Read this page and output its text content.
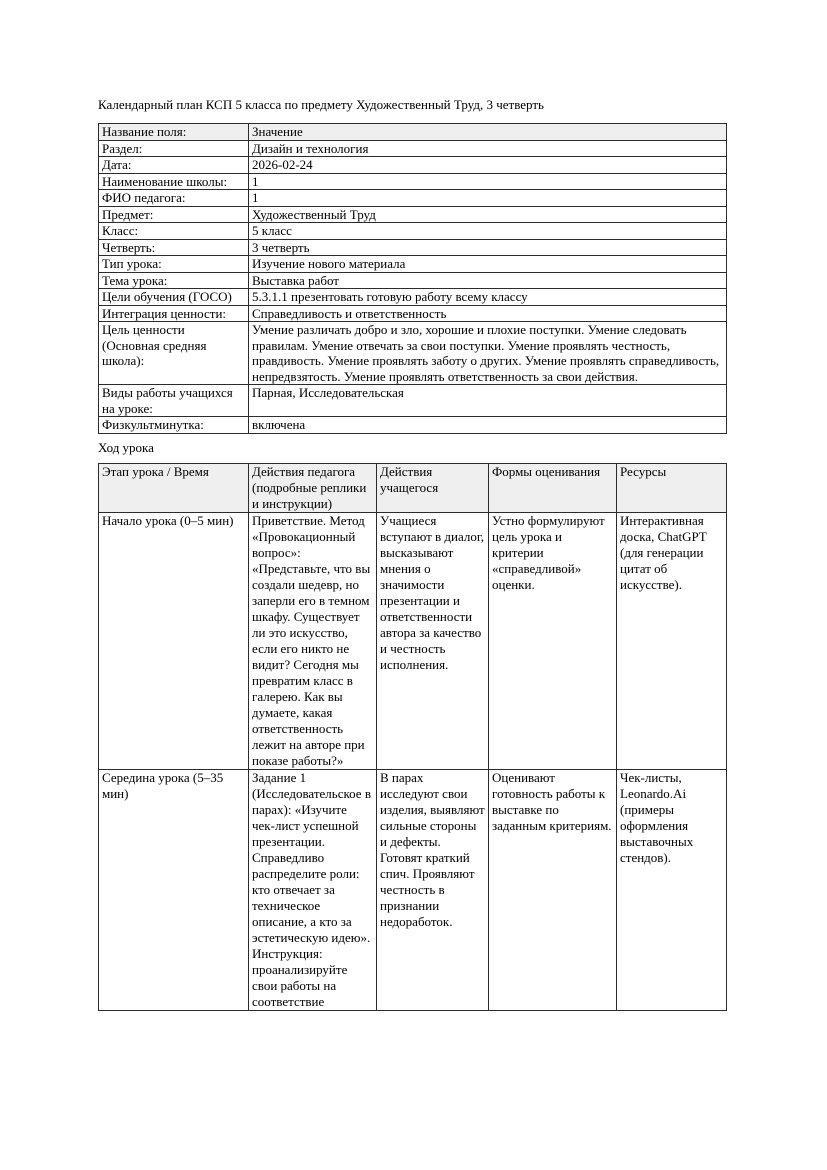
Календарный план КСП 5 класса по предмету Художественный Труд, 3 четверть
Название поля:	Значение
Раздел:	Дизайн и технология
Дата:	2026-02-24
Наименование школы:	1
ФИО педагога:	1
Предмет:	Художественный Труд
Класс:	5 класс
Четверть:	3 четверть
Тип урока:	Изучение нового материала
Тема урока:	Выставка работ
Цели обучения (ГОСО)	5.3.1.1 презентовать готовую работу всему классу
Интеграция ценности:	Справедливость и ответственность
Цель ценности (Основная средняя школа):	Умение различать добро и зло, хорошие и плохие поступки. Умение следовать правилам. Умение отвечать за свои поступки. Умение проявлять честность, правдивость. Умение проявлять заботу о других. Умение проявлять справедливость, непредвзятость. Умение проявлять ответственность за свои действия.
Виды работы учащихся на уроке:	Парная, Исследовательская
Физкультминутка:	включена
Ход урока
Этап урока / Время	Действия педагога (подробные реплики и инструкции)	Действия учащегося	Формы оценивания	Ресурсы
Начало урока (0–5 мин)	Приветствие. Метод «Провокационный вопрос»: «Представьте, что вы создали шедевр, но заперли его в темном шкафу. Существует ли это искусство, если его никто не видит? Сегодня мы превратим класс в галерею. Как вы думаете, какая ответственность лежит на авторе при показе работы?»	Учащиеся вступают в диалог, высказывают мнения о значимости презентации и ответственности автора за качество и честность исполнения.	Устно формулируют цель урока и критерии «справедливой» оценки.	Интерактивная доска, ChatGPT (для генерации цитат об искусстве).
Середина урока (5–35 мин)	Задание 1 (Исследовательское в парах): «Изучите чек-лист успешной презентации. Справедливо распределите роли: кто отвечает за техническое описание, а кто за эстетическую идею». Инструкция: проанализируйте свои работы на соответствие	В парах исследуют свои изделия, выявляют сильные стороны и дефекты. Готовят краткий спич. Проявляют честность в признании недоработок.	Оценивают готовность работы к выставке по заданным критериям.	Чек-листы, Leonardo.Ai (примеры оформления выставочных стендов).
